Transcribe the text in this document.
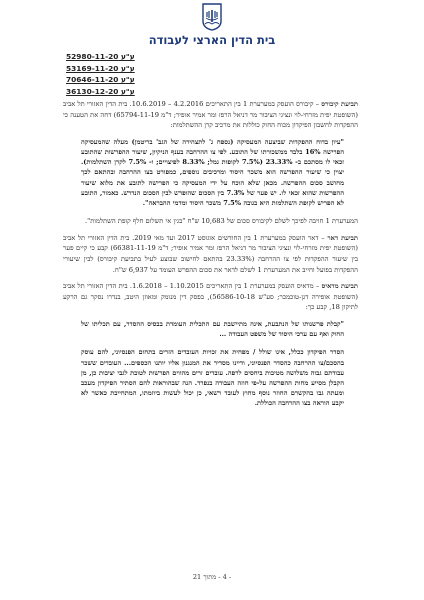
בית הדין הארצי לעבודה
ע"ע 52980-11-20
ע"ע 53169-11-20
ע"ע 70646-11-20
ע"ע 36130-12-20

תביעת קיבורס – קיבורס הועסק במערערת 1 בין התאריכים 4.2.2016 – 10.6.2019. בית הדין האזורי תל אביב (השופטת יפית מזרחי-לוי ונציגי הציבור מר דניאל הרפז ומר אמיר אופיר; ד"מ 65794-11-19) דחה את הטענה כי ההפקדות לחשבון הפיקדון מכוח החוק כוללות את מרכיב קרן ההשתלמות:

"עיון בדוח ההפקדות שביצעה המעסיקה (נספח ג' לתצהירה של הגב' בריטמן) מעלה שהמעסיקה הפרישה 16% בלבד ממשכורתו של התובע. לפי צו ההרחבה בענף הניקיון, שיעור ההפרשות שהתובע זכאי לו מסתכם ב- 23.33% (7.5% לקופות גמל; 8.33% לפיצויים; ו- 7.5% לקרן השתלמות). יצוין כי שיעור ההפרשה הוא משכר היסוד ומרכיבים נוספים, כמפורט בצו ההרחבה ובהתאם לכך מחושב סכום ההפרשה. מכאן שלא הוכח על ידי המעסיקה כי הפרישה לתובע את מלוא שיעור ההפרשות שהוא זכאי לו. יש פער של 7.3% בין הסכום שהופרש לבין הסכום הנדרש. כאמור, התובע לא הפריש לקופת השתלמות היא בגובה 7.5% משכר היסוד ומדמי ההבראה".

המערערת 1 חויבה לפיכך לשלם לקיבורס סכום של 10,683 ש"ח "בגין אי תשלום חלף קופת השתלמות".

תביעת דאר – דאר הועסק במערערת 1 בין החודשים אוגוסט 2017 ועד מאי 2019. בית הדין האזורי תל אביב (השופטת יפית מזרחי-לוי ונציגי הציבור מר דניאל הרפז ומר אמיר אופיר; ד"מ 66381-11-19) קבע כי קיים פער בין שיעור ההפקדות לפי צו ההרחבה (23.33% בהתאם לחישוב שבוצע לעיל בתביעת קיבורס) לבין שיעורי ההפקדות בפועל וחייב את המערערת 1 לשלם לדאר את סכום ההפרש העומד על 6,937 ש"ח.

תביעת מדאיס – מדאיס הועסק במערערת 1 בין התאריכים 1.10.2015 – 1.6.2018. בית הדין האזורי תל אביב (השופטת אופירה דגן-טוכמכר; סע"ש 56586-10-18), בפסק דין מנומק ומאוזן היטב, בנדרו נסקר גם הרקע לתיקון 18, קבע כך:

"קבלת פרשנותו של הנתבעת, אינה מתיישבת עם התכלית העומדת בבסיס ההסדר, עם תכליתו של החוק ואף עם ערכי היסוד של משפט העבודה ...

הסדר הפיקדון ככלל, אינו שולל / מפחית את זכויות העובדים הזרים בתחום הפנסיוני, להם עוסק בהסכם/צו ההרחבה כהסדר הפנסיוני, ודיינו מסדיר את המנגנון אליו יותנו הכספים... העובדים ששכר עבודתם גבוה משלושה מטיבות ביחסים לרפה. עובדים זרים מהווים הפרשות לטובת לגבי יציבות כן, מן הקבלן מסייע מחות ההפרשה על-פי חוזה העבודה בנפרד. הנה שבהוראות להם הסתיר הפיקדון מעכב ומעתה גבו בהקשרם החוזר נוסף מחוץ לעובד רשאי, כן יכול לעשות ביוזמתו, המתחייבת כאשר לא יקבע הוראה בצו ההרחבה הכוללת.

- 4 - מתוך 21
